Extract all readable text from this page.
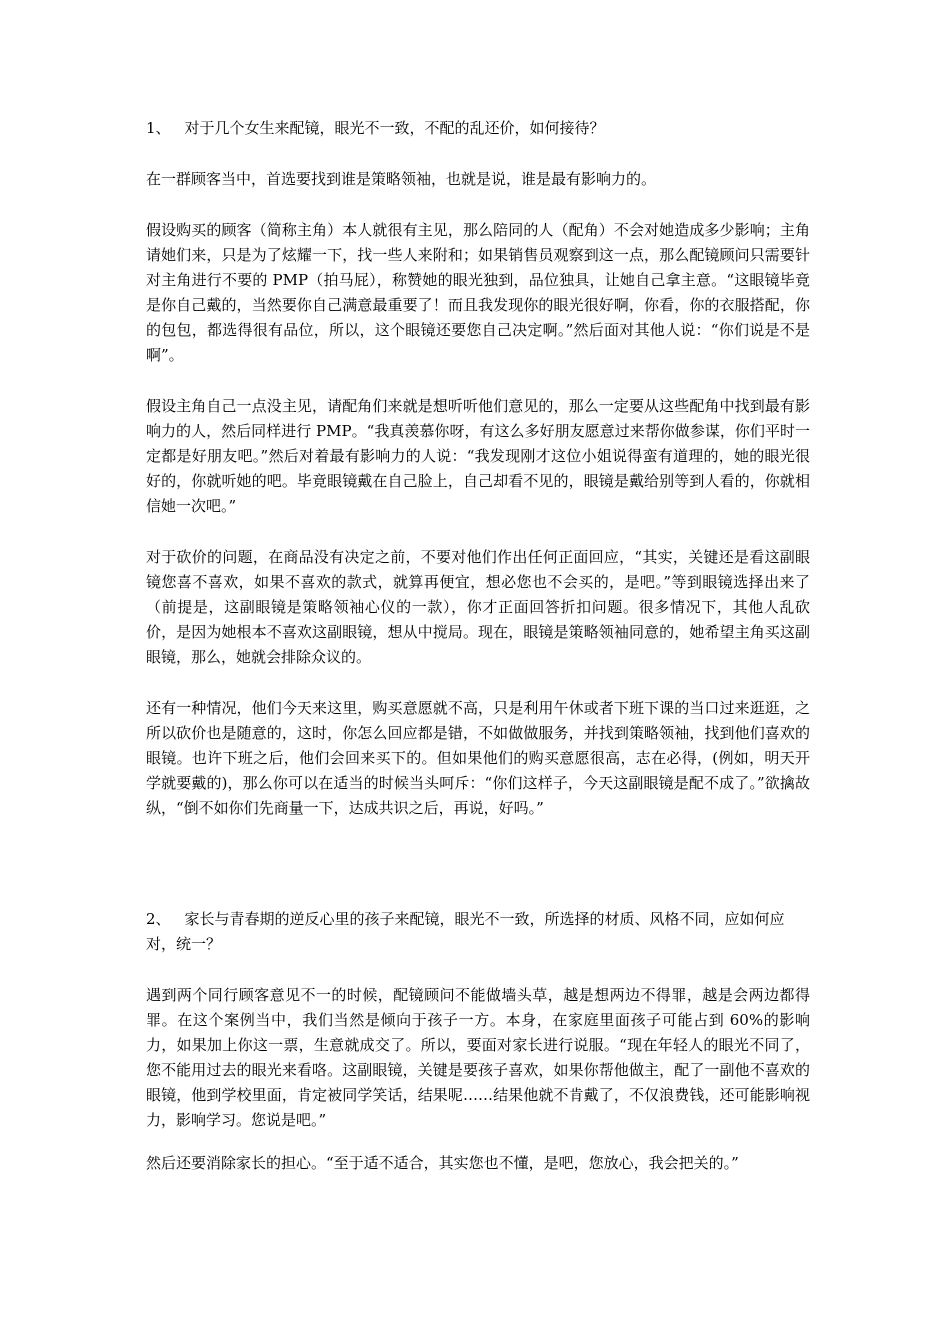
1、 对于几个女生来配镜，眼光不一致，不配的乱还价，如何接待？

在一群顾客当中，首选要找到谁是策略领袖，也就是说，谁是最有影响力的。

假设购买的顾客（简称主角）本人就很有主见，那么陪同的人（配角）不会对她造成多少影响；主角请她们来，只是为了炫耀一下，找一些人来附和；如果销售员观察到这一点，那么配镜顾问只需要针对主角进行不要的 PMP（拍马屁），称赞她的眼光独到，品位独具，让她自己拿主意。“这眼镜毕竟是你自己戴的，当然要你自己满意最重要了！而且我发现你的眼光很好啊，你看，你的衣服搭配，你的包包，都选得很有品位，所以，这个眼镜还要您自己决定啊。”然后面对其他人说：“你们说是不是啊”。

假设主角自己一点没主见，请配角们来就是想听听他们意见的，那么一定要从这些配角中找到最有影响力的人，然后同样进行 PMP。“我真羡慕你呀，有这么多好朋友愿意过来帮你做参谋，你们平时一定都是好朋友吧。”然后对着最有影响力的人说：“我发现刚才这位小姐说得蛮有道理的，她的眼光很好的，你就听她的吧。毕竟眼镜戴在自己脸上，自己却看不见的，眼镜是戴给别等到人看的，你就相信她一次吧。”

对于砍价的问题，在商品没有决定之前，不要对他们作出任何正面回应，“其实，关键还是看这副眼镜您喜不喜欢，如果不喜欢的款式，就算再便宜，想必您也不会买的，是吧。”等到眼镜选择出来了（前提是，这副眼镜是策略领袖心仪的一款），你才正面回答折扣问题。很多情况下，其他人乱砍价，是因为她根本不喜欢这副眼镜，想从中搅局。现在，眼镜是策略领袖同意的，她希望主角买这副眼镜，那么，她就会排除众议的。

还有一种情况，他们今天来这里，购买意愿就不高，只是利用午休或者下班下课的当口过来逛逛，之所以砍价也是随意的，这时，你怎么回应都是错，不如做做服务，并找到策略领袖，找到他们喜欢的眼镜。也许下班之后，他们会回来买下的。但如果他们的购买意愿很高，志在必得，(例如，明天开学就要戴的)，那么你可以在适当的时候当头呵斥：“你们这样子，今天这副眼镜是配不成了。”欲擒故纵，“倒不如你们先商量一下，达成共识之后，再说，好吗。”

2、 家长与青春期的逆反心里的孩子来配镜，眼光不一致，所选择的材质、风格不同，应如何应对，统一？

遇到两个同行顾客意见不一的时候，配镜顾问不能做墙头草，越是想两边不得罪，越是会两边都得罪。在这个案例当中，我们当然是倾向于孩子一方。本身，在家庭里面孩子可能占到 60%的影响力，如果加上你这一票，生意就成交了。所以，要面对家长进行说服。“现在年轻人的眼光不同了，您不能用过去的眼光来看咯。这副眼镜，关键是要孩子喜欢，如果你帮他做主，配了一副他不喜欢的眼镜，他到学校里面，肯定被同学笑话，结果呢……结果他就不肯戴了，不仅浪费钱，还可能影响视力，影响学习。您说是吧。”

然后还要消除家长的担心。“至于适不适合，其实您也不懂，是吧，您放心，我会把关的。”
